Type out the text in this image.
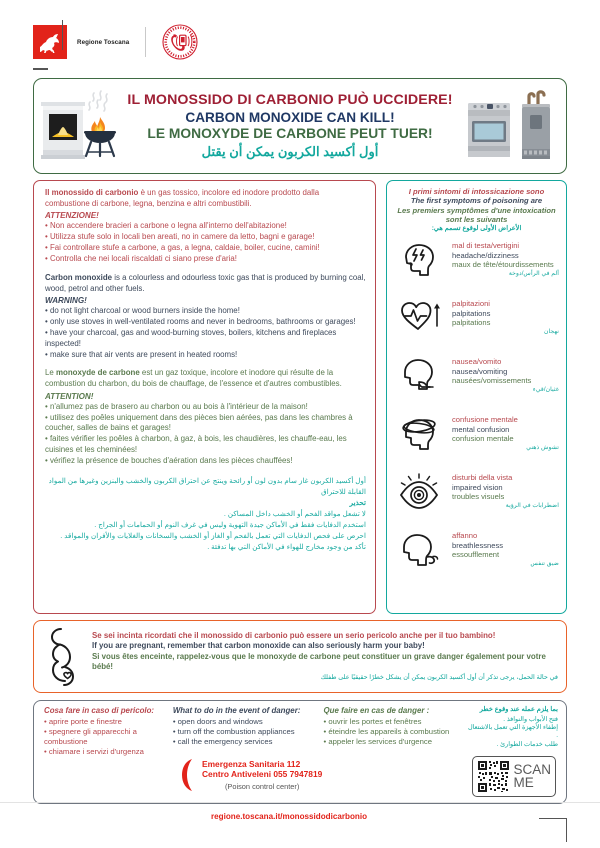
Regione Toscana
IL MONOSSIDO DI CARBONIO PUÒ UCCIDERE!
CARBON MONOXIDE CAN KILL!
LE MONOXYDE DE CARBONE PEUT TUER!
أول أكسيد الكربون يمكن أن يقتل
Il monossido di carbonio è un gas tossico, incolore ed inodore prodotto dalla combustione di carbone, legna, benzina e altri combustibili.
ATTENZIONE!
• Non accendere bracieri a carbone o legna all'interno dell'abitazione!
• Utilizza stufe solo in locali ben areati, no in camere da letto, bagni e garage!
• Fai controllare stufe a carbone, a gas, a legna, caldaie, boiler, cucine, camini!
• Controlla che nei locali riscaldati ci siano prese d'aria!
Carbon monoxide is a colourless and odourless toxic gas that is produced by burning coal, wood, petrol and other fuels.
WARNING!
• do not light charcoal or wood burners inside the home!
• only use stoves in well-ventilated rooms and never in bedrooms, bathrooms or garages!
• have your charcoal, gas and wood-burning stoves, boilers, kitchens and fireplaces inspected!
• make sure that air vents are present in heated rooms!
Le monoxyde de carbone est un gaz toxique, incolore et inodore qui résulte de la combustion du charbon, du bois de chauffage, de l'essence et d'autres combustibles.
ATTENTION!
• n'allumez pas de brasero au charbon ou au bois à l'intérieur de la maison!
• utilisez des poêles uniquement dans des pièces bien aérées, pas dans les chambres à coucher, salles de bains et garages!
• faites vérifier les poêles à charbon, à gaz, à bois, les chaudières, les chauffe-eau, les cuisines et les cheminées!
• vérifiez la présence de bouches d'aération dans les pièces chauffées!
أول أكسيد الكربون غاز سام بدون لون أو رائحة وينتج عن احتراق الكربون والخشب والبنزين وغيرها من المواد القابلة للاحتراق
تحذير
لا تشعل مواقد الفحم أو الخشب داخل المساكن .
استخدم الدفايات فقط في الأماكن جيدة التهوية وليس في غرف النوم أو الحمامات أو الجراج .
احرص على فحص الدفايات التي تعمل بالفحم أو الغاز أو الخشب والسخانات والغلايات والأفران والمواقد .
تأكد من وجود مخارج للهواء في الأماكن التي بها تدفئة .
I primi sintomi di intossicazione sono
The first symptoms of poisoning are
Les premiers symptômes d'une intoxication sont les suivants
الأعراض الأولى لوقوع تسمم هي:
mal di testa/vertigini
headache/dizziness
maux de tête/étourdissements
ألم في الرأس/دوخة
palpitazioni
palpitations
palpitations
نهجان
nausea/vomito
nausea/vomiting
nausées/vomissements
غثيان/قيء
confusione mentale
mental confusion
confusion mentale
تشوش ذهني
disturbi della vista
impaired vision
troubles visuels
اضطرابات في الرؤية
affanno
breathlessness
essoufflement
ضيق تنفس
Se sei incinta ricordati che il monossido di carbonio può essere un serio pericolo anche per il tuo bambino!
If you are pregnant, remember that carbon monoxide can also seriously harm your baby!
Si vous êtes enceinte, rappelez-vous que le monoxyde de carbone peut constituer un grave danger également pour votre bébé!
في حالة الحمل، يرجى تذكر أن أول أكسيد الكربون يمكن أن يشكل خطرًا حقيقيًا على طفلك
Cosa fare in caso di pericolo:
• aprire porte e finestre
• spegnere gli apparecchi a combustione
• chiamare i servizi d'urgenza
What to do in the event of danger:
• open doors and windows
• turn off the combustion appliances
• call the emergency services
Que faire en cas de danger :
• ouvrir les portes et fenêtres
• éteindre les appareils à combustion
• appeler les services d'urgence
بما يلزم عمله عند وقوع خطر
فتح الأبواب والنوافذ .
إطفاء الأجهزة التي تعمل بالاشتعال .
طلب خدمات الطوارئ .
Emergenza Sanitaria 112
Centro Antiveleni 055 7947819
(Poison control center)
SCAN
ME
regione.toscana.it/monossidodicarbonio
